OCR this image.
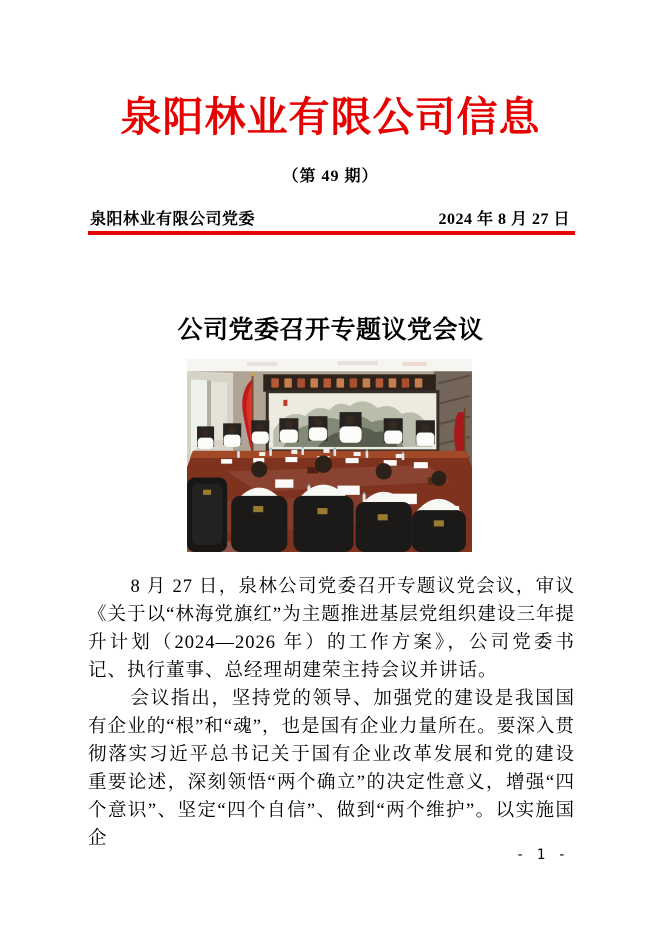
泉阳林业有限公司信息
（第 49 期）
泉阳林业有限公司党委	2024 年 8 月 27 日
公司党委召开专题议党会议

8 月 27 日，泉林公司党委召开专题议党会议，审议《关于以“林海党旗红”为主题推进基层党组织建设三年提升计划（2024—2026 年）的工作方案》，公司党委书记、执行董事、总经理胡建荣主持会议并讲话。

会议指出，坚持党的领导、加强党的建设是我国国有企业的“根”和“魂”，也是国有企业力量所在。要深入贯彻落实习近平总书记关于国有企业改革发展和党的建设重要论述，深刻领悟“两个确立”的决定性意义，增强“四个意识”、坚定“四个自信”、做到“两个维护”。以实施国企

- 1 -
